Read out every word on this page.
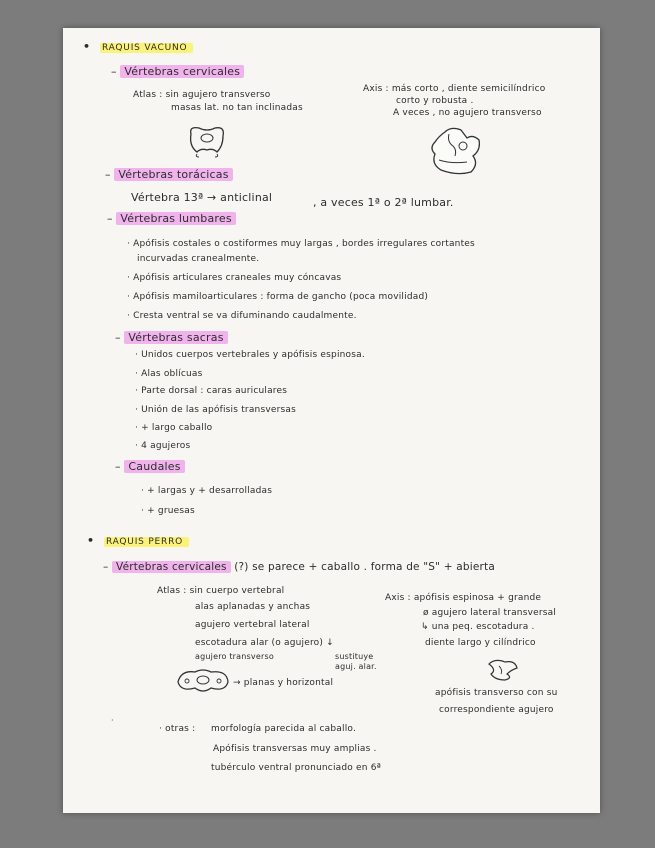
• RAQUIS VACUNO
– Vértebras cervicales
Atlas : sin agujero transverso
masas lat. no tan inclinadas
Axis : más corto , diente semicilíndrico
corto y robusta .
A veces , no agujero transverso
– Vértebras torácicas
Vértebra 13ª → anticlinal	, a veces 1ª o 2ª lumbar.
– Vértebras lumbares
· Apófisis costales o costiformes muy largas , bordes irregulares cortantes
incurvadas cranealmente.
· Apófisis articulares craneales muy cóncavas
· Apófisis mamiloarticulares : forma de gancho (poca movilidad)
· Cresta ventral se va difuminando caudalmente.
– Vértebras sacras
· Unidos cuerpos vertebrales y apófisis espinosa.
· Alas oblícuas
· Parte dorsal : caras auriculares
· Unión de las apófisis transversas
· + largo caballo
· 4 agujeros
– Caudales
· + largas y + desarrolladas
· + gruesas
• RAQUIS PERRO
– Vértebras cervicales (?) se parece + caballo . forma de "S" + abierta
Atlas : sin cuerpo vertebral
alas aplanadas y anchas
agujero vertebral lateral
escotadura alar (o agujero) ↓
agujero transverso	sustituye
aguj. alar.
→ planas y horizontal
Axis : apófisis espinosa + grande
ø agujero lateral transversal
↳ una peq. escotadura .
diente largo y cilíndrico
apófisis transverso con su
correspondiente agujero
·
· otras : morfología parecida al caballo.
Apófisis transversas muy amplias .
tubérculo ventral pronunciado en 6ª
